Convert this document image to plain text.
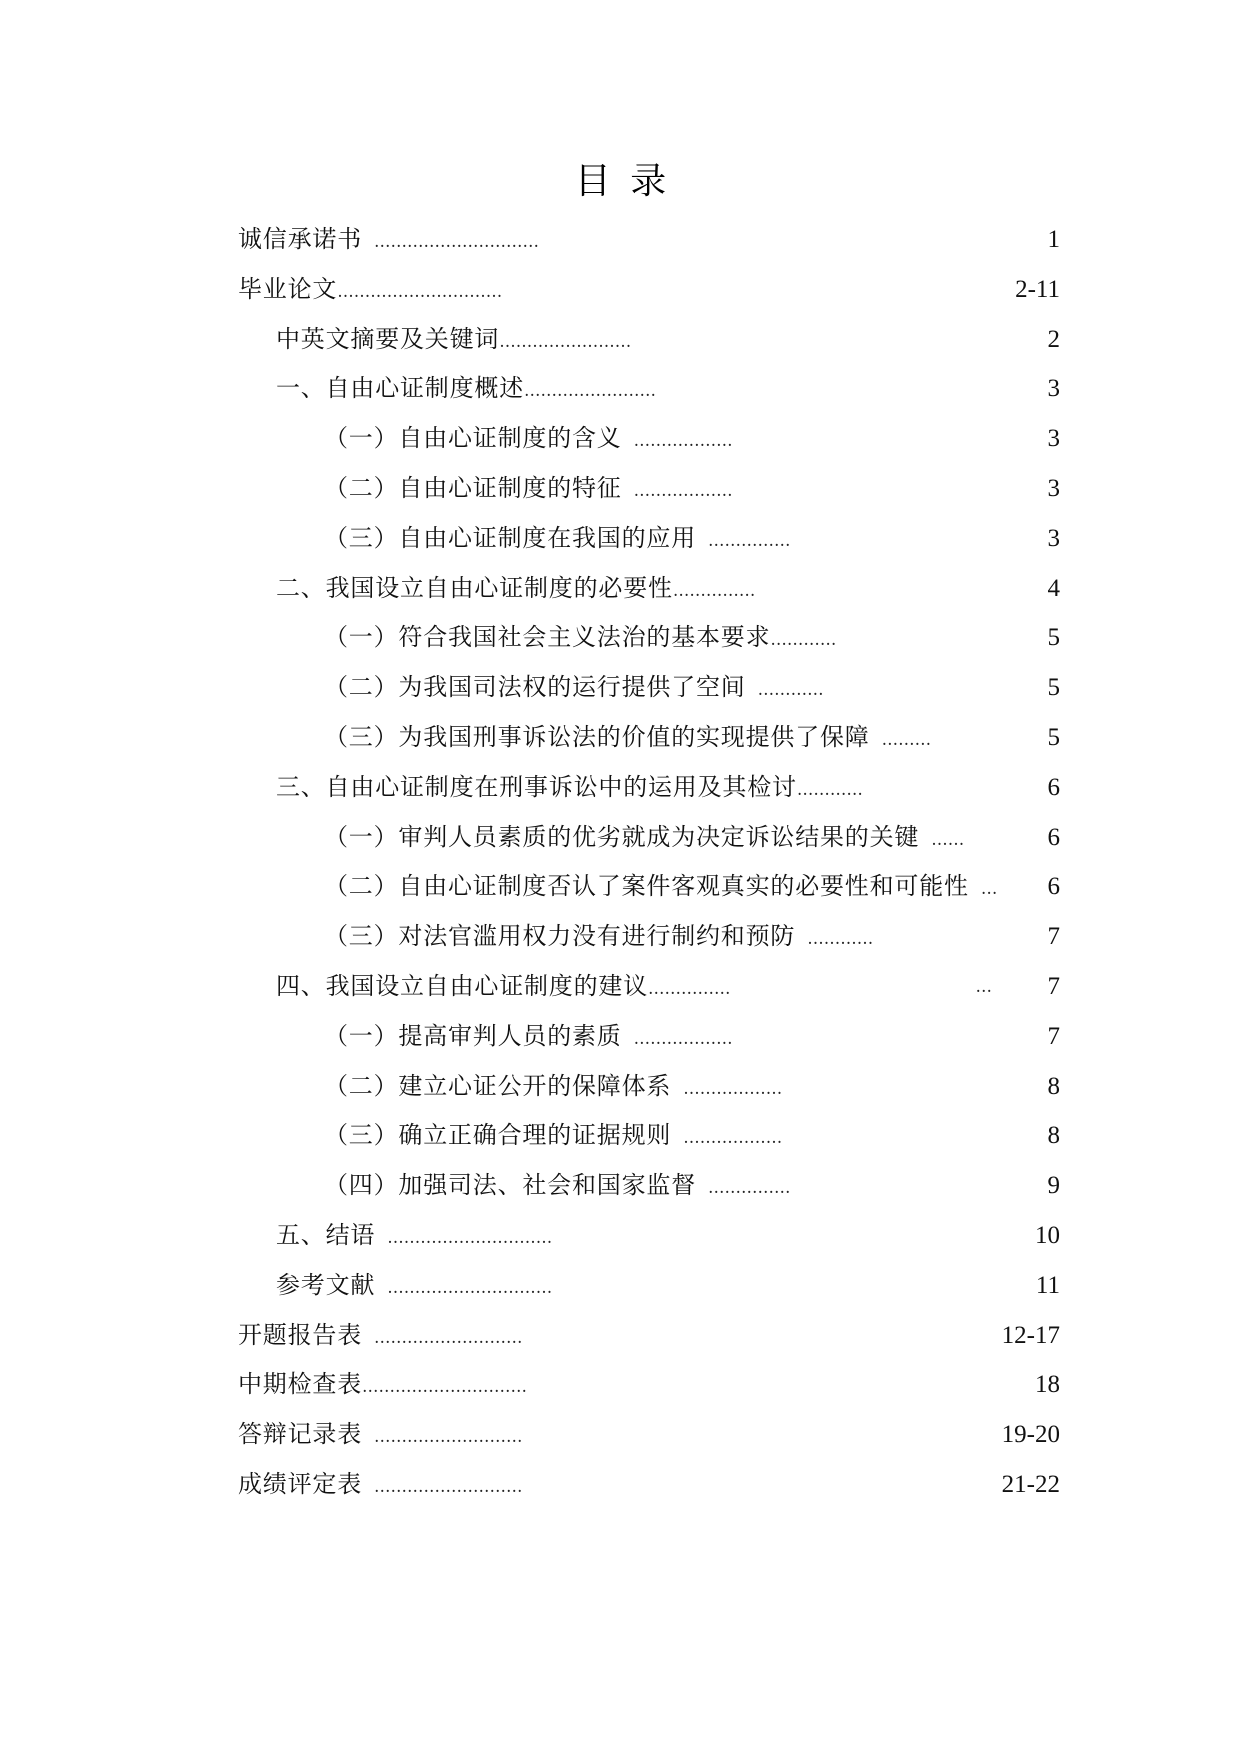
目 录
诚信承诺书 …………………………	1
毕业论文…………………………	2-11
中英文摘要及关键词……………………	2
一、自由心证制度概述……………………	3
（一）自由心证制度的含义 ………………	3
（二）自由心证制度的特征 ………………	3
（三）自由心证制度在我国的应用 ……………	3
二、我国设立自由心证制度的必要性……………	4
（一）符合我国社会主义法治的基本要求…………	5
（二）为我国司法权的运行提供了空间 …………	5
（三）为我国刑事诉讼法的价值的实现提供了保障 ………	5
三、自由心证制度在刑事诉讼中的运用及其检讨…………	6
（一）审判人员素质的优劣就成为决定诉讼结果的关键 ……	6
（二）自由心证制度否认了案件客观真实的必要性和可能性 … 6
（三）对法官滥用权力没有进行制约和预防 …………	7
四、我国设立自由心证制度的建议……………	… 7
（一）提高审判人员的素质 ………………	7
（二）建立心证公开的保障体系 ………………	8
（三）确立正确合理的证据规则 ………………	8
（四）加强司法、社会和国家监督 ……………	9
五、结语 …………………………	10
参考文献 …………………………	11
开题报告表 ………………………	12-17
中期检查表…………………………	18
答辩记录表 ………………………	19-20
成绩评定表 ………………………	21-22
